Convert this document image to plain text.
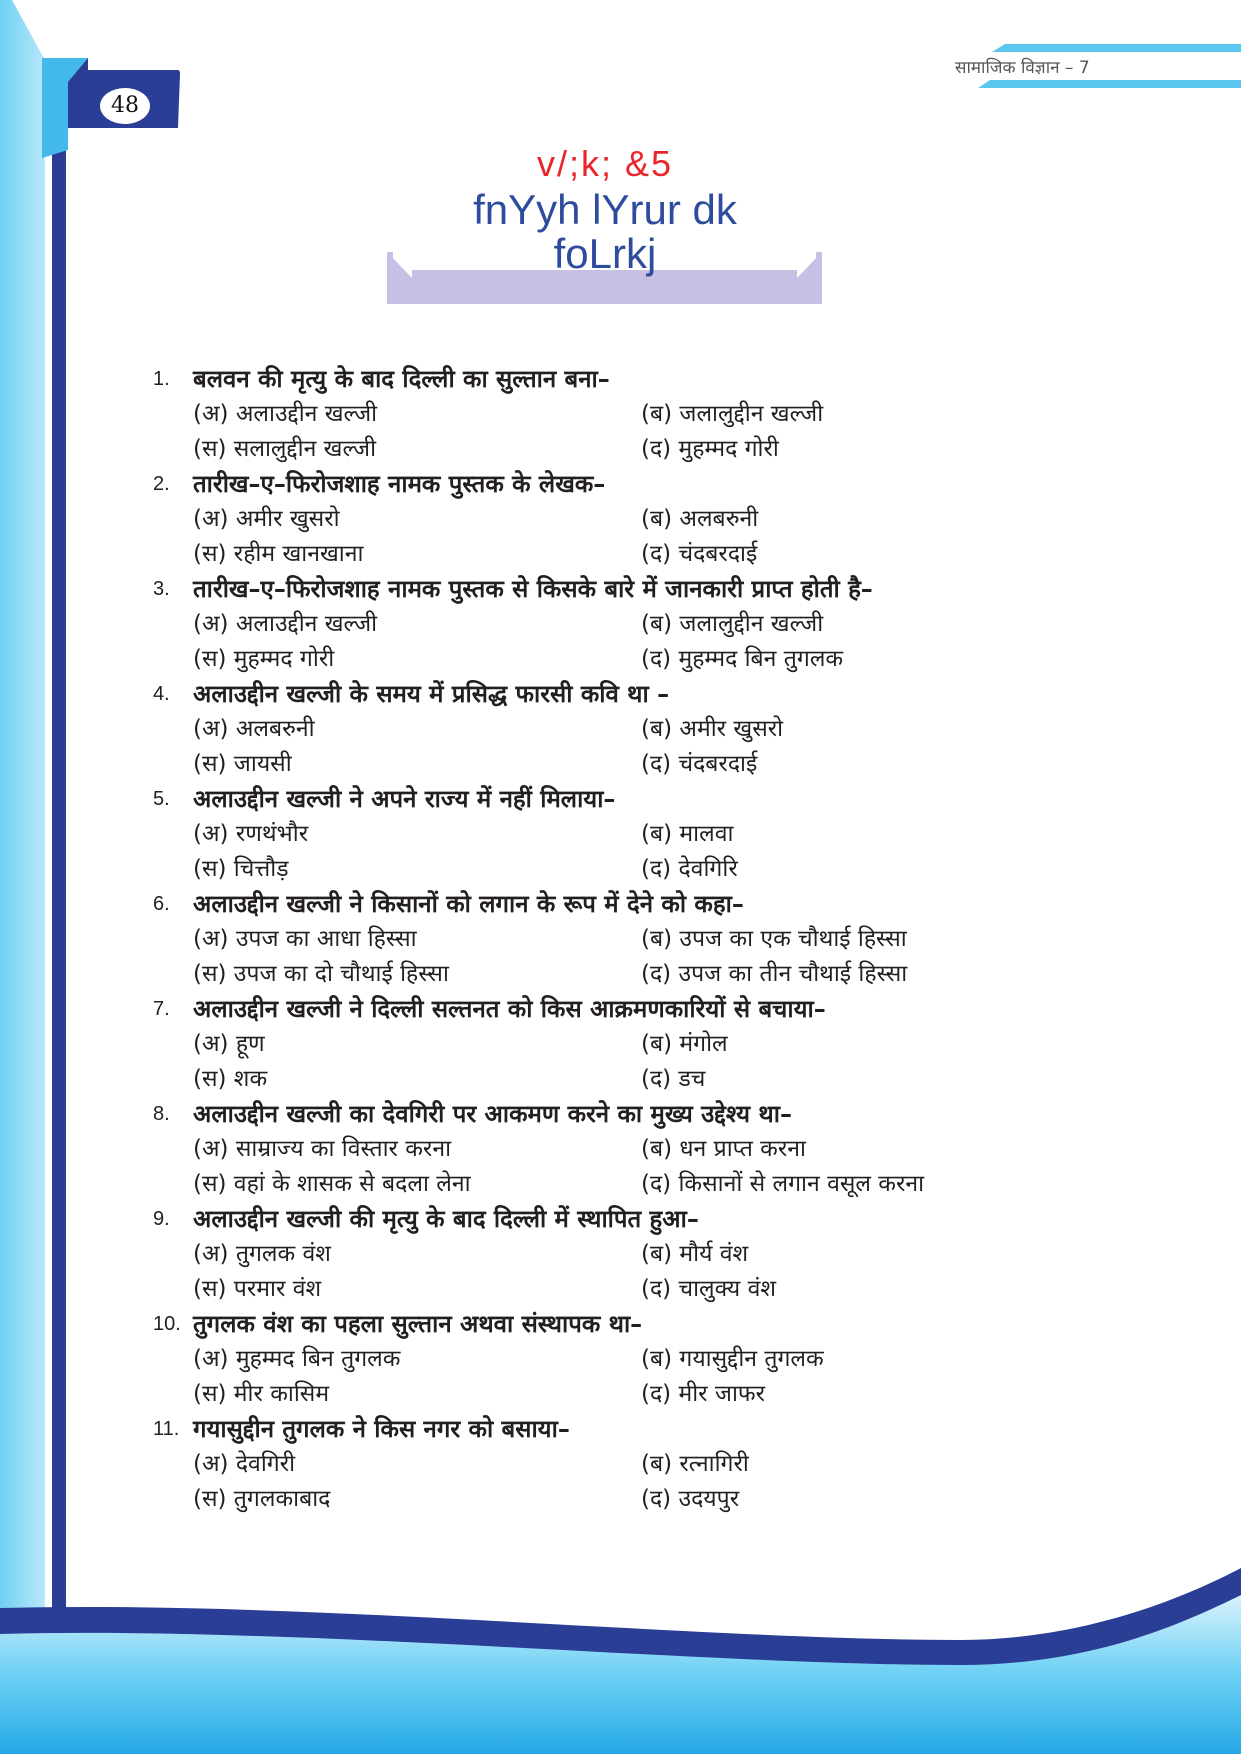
48
सामाजिक विज्ञान – 7
v/;k; &5
fnYyh lYrur dk
foLrkj
1. बलवन की मृत्यु के बाद दिल्ली का सुल्तान बना–
(अ) अलाउद्दीन खल्जी	(ब) जलालुद्दीन खल्जी
(स) सलालुद्दीन खल्जी	(द) मुहम्मद गोरी
2. तारीख–ए–फिरोजशाह नामक पुस्तक के लेखक–
(अ) अमीर खुसरो	(ब) अलबरुनी
(स) रहीम खानखाना	(द) चंदबरदाई
3. तारीख–ए–फिरोजशाह नामक पुस्तक से किसके बारे में जानकारी प्राप्त होती है–
(अ) अलाउद्दीन खल्जी	(ब) जलालुद्दीन खल्जी
(स) मुहम्मद गोरी	(द) मुहम्मद बिन तुगलक
4. अलाउद्दीन खल्जी के समय में प्रसिद्ध फारसी कवि था –
(अ) अलबरुनी	(ब) अमीर खुसरो
(स) जायसी	(द) चंदबरदाई
5. अलाउद्दीन खल्जी ने अपने राज्य में नहीं मिलाया–
(अ) रणथंभौर	(ब) मालवा
(स) चित्तौड़	(द) देवगिरि
6. अलाउद्दीन खल्जी ने किसानों को लगान के रूप में देने को कहा–
(अ) उपज का आधा हिस्सा	(ब) उपज का एक चौथाई हिस्सा
(स) उपज का दो चौथाई हिस्सा	(द) उपज का तीन चौथाई हिस्सा
7. अलाउद्दीन खल्जी ने दिल्ली सल्तनत को किस आक्रमणकारियों से बचाया–
(अ) हूण	(ब) मंगोल
(स) शक	(द) डच
8. अलाउद्दीन खल्जी का देवगिरी पर आकमण करने का मुख्य उद्देश्य था–
(अ) साम्राज्य का विस्तार करना	(ब) धन प्राप्त करना
(स) वहां के शासक से बदला लेना	(द) किसानों से लगान वसूल करना
9. अलाउद्दीन खल्जी की मृत्यु के बाद दिल्ली में स्थापित हुआ–
(अ) तुगलक वंश	(ब) मौर्य वंश
(स) परमार वंश	(द) चालुक्य वंश
10. तुगलक वंश का पहला सुल्तान अथवा संस्थापक था–
(अ) मुहम्मद बिन तुगलक	(ब) गयासुद्दीन तुगलक
(स) मीर कासिम	(द) मीर जाफर
11. गयासुद्दीन तुगलक ने किस नगर को बसाया–
(अ) देवगिरी	(ब) रत्नागिरी
(स) तुगलकाबाद	(द) उदयपुर
